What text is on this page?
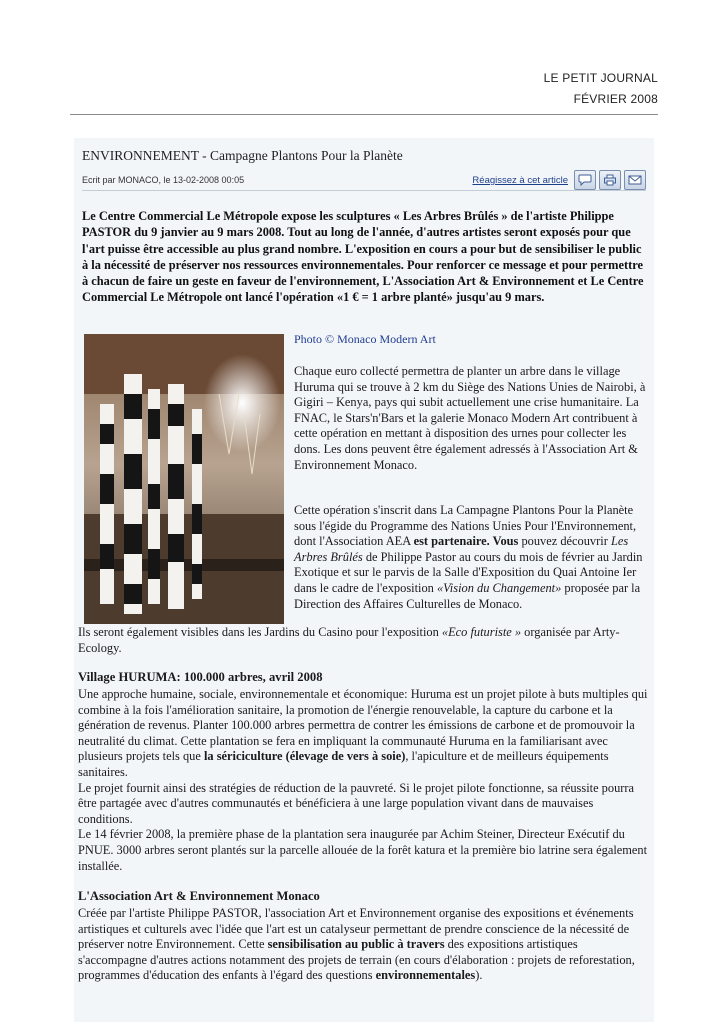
LE PETIT JOURNAL
FÉVRIER 2008
ENVIRONNEMENT - Campagne Plantons Pour la Planète
Ecrit par MONACO, le 13-02-2008 00:05	Réagissez à cet article
Le Centre Commercial Le Métropole expose les sculptures « Les Arbres Brûlés » de l'artiste Philippe PASTOR du 9 janvier au 9 mars 2008. Tout au long de l'année, d'autres artistes seront exposés pour que l'art puisse être accessible au plus grand nombre. L'exposition en cours a pour but de sensibiliser le public à la nécessité de préserver nos ressources environnementales. Pour renforcer ce message et pour permettre à chacun de faire un geste en faveur de l'environnement, L'Association Art & Environnement et Le Centre Commercial Le Métropole ont lancé l'opération «1 € = 1 arbre planté» jusqu'au 9 mars.
Photo © Monaco Modern Art
Chaque euro collecté permettra de planter un arbre dans le village Huruma qui se trouve à 2 km du Siège des Nations Unies de Nairobi, à Gigiri – Kenya, pays qui subit actuellement une crise humanitaire. La FNAC, le Stars'n'Bars et la galerie Monaco Modern Art contribuent à cette opération en mettant à disposition des urnes pour collecter les dons. Les dons peuvent être également adressés à l'Association Art & Environnement Monaco.
Cette opération s'inscrit dans La Campagne Plantons Pour la Planète sous l'égide du Programme des Nations Unies Pour l'Environnement, dont l'Association AEA est partenaire. Vous pouvez découvrir Les Arbres Brûlés de Philippe Pastor au cours du mois de février au Jardin Exotique et sur le parvis de la Salle d'Exposition du Quai Antoine Ier dans le cadre de l'exposition «Vision du Changement» proposée par la Direction des Affaires Culturelles de Monaco.
Ils seront également visibles dans les Jardins du Casino pour l'exposition «Eco futuriste » organisée par Arty-Ecology.
Village HURUMA: 100.000 arbres, avril 2008
Une approche humaine, sociale, environnementale et économique: Huruma est un projet pilote à buts multiples qui combine à la fois l'amélioration sanitaire, la promotion de l'énergie renouvelable, la capture du carbone et la génération de revenus. Planter 100.000 arbres permettra de contrer les émissions de carbone et de promouvoir la neutralité du climat. Cette plantation se fera en impliquant la communauté Huruma en la familiarisant avec plusieurs projets tels que la sériciculture (élevage de vers à soie), l'apiculture et de meilleurs équipements sanitaires.
Le projet fournit ainsi des stratégies de réduction de la pauvreté. Si le projet pilote fonctionne, sa réussite pourra être partagée avec d'autres communautés et bénéficiera à une large population vivant dans de mauvaises conditions.
Le 14 février 2008, la première phase de la plantation sera inaugurée par Achim Steiner, Directeur Exécutif du PNUE. 3000 arbres seront plantés sur la parcelle allouée de la forêt katura et la première bio latrine sera également installée.
L'Association Art & Environnement Monaco
Créée par l'artiste Philippe PASTOR, l'association Art et Environnement organise des expositions et événements artistiques et culturels avec l'idée que l'art est un catalyseur permettant de prendre conscience de la nécessité de préserver notre Environnement. Cette sensibilisation au public à travers des expositions artistiques s'accompagne d'autres actions notamment des projets de terrain (en cours d'élaboration : projets de reforestation, programmes d'éducation des enfants à l'égard des questions environnementales).
